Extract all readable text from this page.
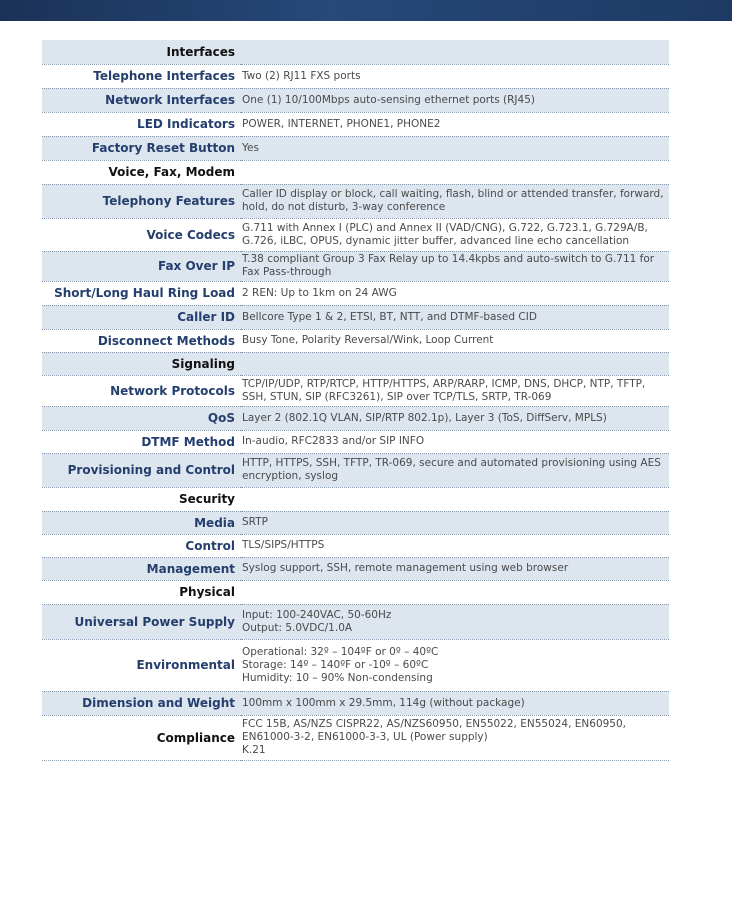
Interfaces	
Telephone Interfaces	Two (2) RJ11 FXS ports

Network Interfaces	One (1) 10/100Mbps auto-sensing ethernet ports (RJ45)

LED Indicators	POWER, INTERNET, PHONE1, PHONE2

Factory Reset Button	Yes

Voice, Fax, Modem	
Telephony Features	Caller ID display or block, call waiting, flash, blind or attended transfer, forward, hold, do not disturb, 3-way conference

Voice Codecs	G.711 with Annex I (PLC) and Annex II (VAD/CNG), G.722, G.723.1, G.729A/B, G.726, iLBC, OPUS, dynamic jitter buffer, advanced line echo cancellation

Fax Over IP	T.38 compliant Group 3 Fax Relay up to 14.4kpbs and auto-switch to G.711 for Fax Pass-through

Short/Long Haul Ring Load	2 REN: Up to 1km on 24 AWG

Caller ID	Bellcore Type 1 & 2, ETSI, BT, NTT, and DTMF-based CID

Disconnect Methods	Busy Tone, Polarity Reversal/Wink, Loop Current

Signaling	
Network Protocols	TCP/IP/UDP, RTP/RTCP, HTTP/HTTPS, ARP/RARP, ICMP, DNS, DHCP, NTP, TFTP, SSH, STUN, SIP (RFC3261), SIP over TCP/TLS, SRTP, TR-069

QoS	Layer 2 (802.1Q VLAN, SIP/RTP 802.1p), Layer 3 (ToS, DiffServ, MPLS)

DTMF Method	In-audio, RFC2833 and/or SIP INFO

Provisioning and Control	HTTP, HTTPS, SSH, TFTP, TR-069, secure and automated provisioning using AES encryption, syslog

Security	
Media	SRTP

Control	TLS/SIPS/HTTPS

Management	Syslog support, SSH, remote management using web browser

Physical	
Universal Power Supply	Input: 100-240VAC, 50-60Hz
Output: 5.0VDC/1.0A

Environmental	Operational: 32º – 104ºF or 0º – 40ºC
Storage: 14º – 140ºF or -10º – 60ºC
Humidity: 10 – 90% Non-condensing

Dimension and Weight	100mm x 100mm x 29.5mm, 114g (without package)

Compliance	FCC 15B, AS/NZS CISPR22, AS/NZS60950, EN55022, EN55024, EN60950, EN61000-3-2, EN61000-3-3, UL (Power supply)
K.21
